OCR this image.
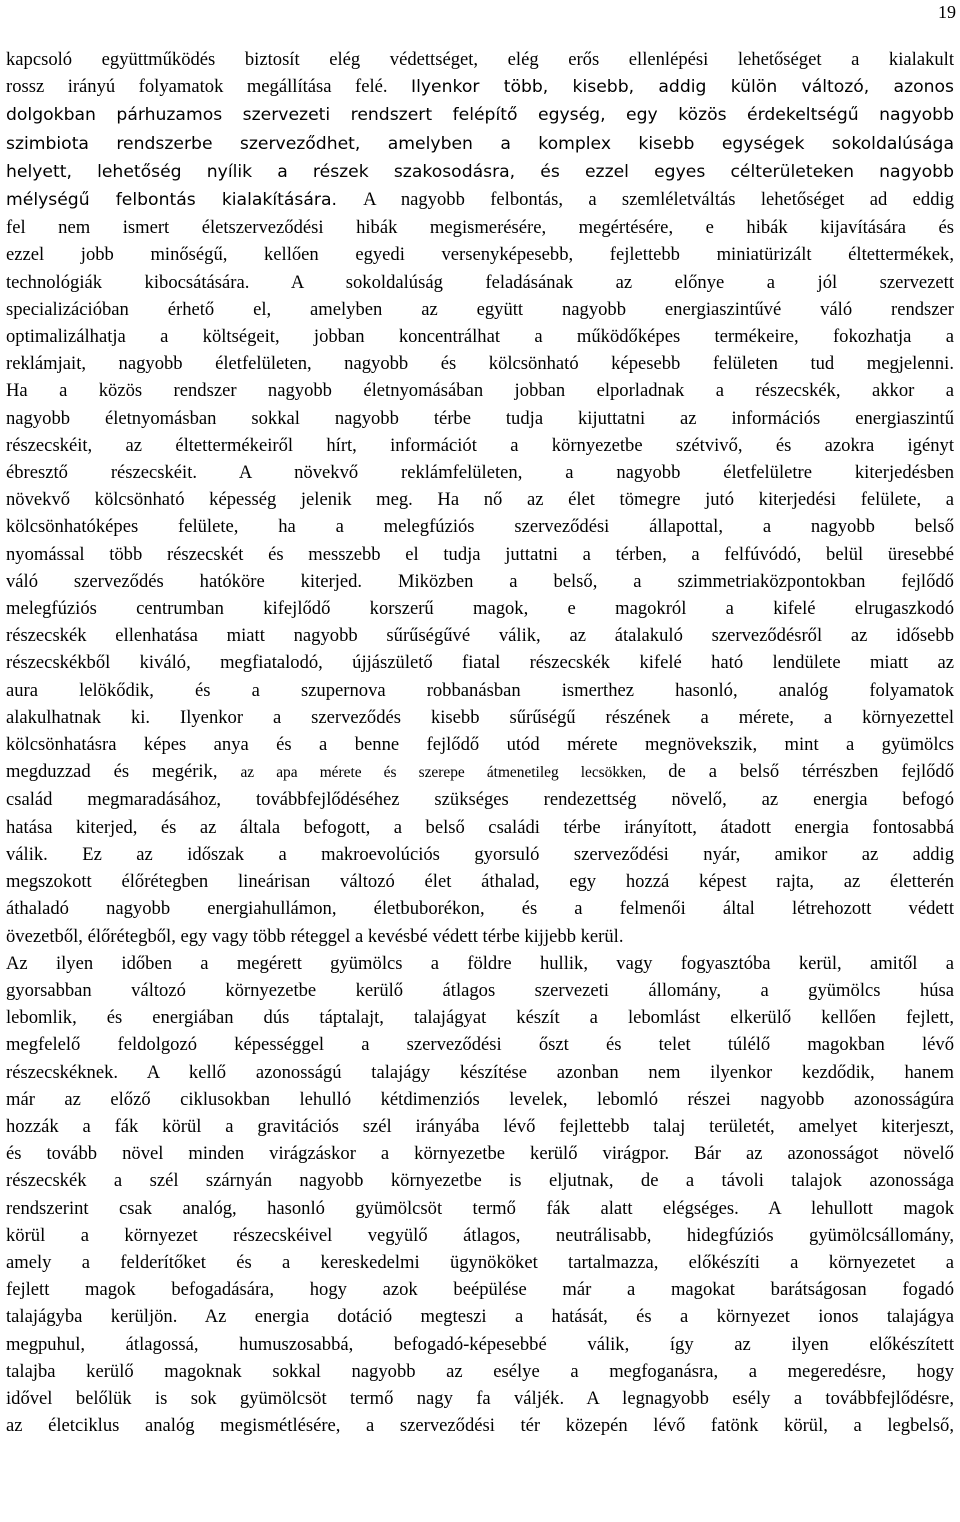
19
kapcsoló együttműködés biztosít elég védettséget, elég erős ellenlépési lehetőséget a kialakult
rossz irányú folyamatok megállítása felé. Ilyenkor több, kisebb, addig külön változó, azonos
dolgokban párhuzamos szervezeti rendszert felépítő egység, egy közös érdekeltségű nagyobb
szimbiota rendszerbe szerveződhet, amelyben a komplex kisebb egységek sokoldalúsága
helyett, lehetőség nyílik a részek szakosodásra, és ezzel egyes célterületeken nagyobb
mélységű felbontás kialakítására. A nagyobb felbontás, a szemléletváltás lehetőséget ad eddig
fel nem ismert életszerveződési hibák megismerésére, megértésére, e hibák kijavítására és
ezzel jobb minőségű, kellően egyedi versenyképesebb, fejlettebb miniatürizált éltettermékek,
technológiák kibocsátására. A sokoldalúság feladásának az előnye a jól szervezett
specializációban érhető el, amelyben az együtt nagyobb energiaszintűvé váló rendszer
optimalizálhatja a költségeit, jobban koncentrálhat a működőképes termékeire, fokozhatja a
reklámjait, nagyobb életfelületen, nagyobb és kölcsönható képesebb felületen tud megjelenni.
Ha a közös rendszer nagyobb életnyomásában jobban elporladnak a részecskék, akkor a
nagyobb életnyomásban sokkal nagyobb térbe tudja kijuttatni az információs energiaszintű
részecskéit, az éltettermékeiről hírt, információt a környezetbe szétvivő, és azokra igényt
ébresztő részecskéit. A növekvő reklámfelületen, a nagyobb életfelületre kiterjedésben
növekvő kölcsönható képesség jelenik meg. Ha nő az élet tömegre jutó kiterjedési felülete, a
kölcsönhatóképes felülete, ha a melegfúziós szerveződési állapottal, a nagyobb belső
nyomással több részecskét és messzebb el tudja juttatni a térben, a felfúvódó, belül üresebbé
váló szerveződés hatóköre kiterjed. Miközben a belső, a szimmetriaközpontokban fejlődő
melegfúziós centrumban kifejlődő korszerű magok, e magokról a kifelé elrugaszkodó
részecskék ellenhatása miatt nagyobb sűrűségűvé válik, az átalakuló szerveződésről az idősebb
részecskékből kiváló, megfiatalodó, újjászülető fiatal részecskék kifelé ható lendülete miatt az
aura lelökődik, és a szupernova robbanásban ismerthez hasonló, analóg folyamatok
alakulhatnak ki. Ilyenkor a szerveződés kisebb sűrűségű részének a mérete, a környezettel
kölcsönhatásra képes anya és a benne fejlődő utód mérete megnövekszik, mint a gyümölcs
megduzzad és megérik, az apa mérete és szerepe átmenetileg lecsökken, de a belső térrészben fejlődő
család megmaradásához, továbbfejlődéséhez szükséges rendezettség növelő, az energia befogó
hatása kiterjed, és az általa befogott, a belső családi térbe irányított, átadott energia fontosabbá
válik. Ez az időszak a makroevolúciós gyorsuló szerveződési nyár, amikor az addig
megszokott élőrétegben lineárisan változó élet áthalad, egy hozzá képest rajta, az életterén
áthaladó nagyobb energiahullámon, életbuborékon, és a felmenői által létrehozott védett
övezetből, élőrétegből, egy vagy több réteggel a kevésbé védett térbe kijjebb kerül.
Az ilyen időben a megérett gyümölcs a földre hullik, vagy fogyasztóba kerül, amitől a
gyorsabban változó környezetbe kerülő átlagos szervezeti állomány, a gyümölcs húsa
lebomlik, és energiában dús táptalajt, talajágyat készít a lebomlást elkerülő kellően fejlett,
megfelelő feldolgozó képességgel a szerveződési őszt és telet túlélő magokban lévő
részecskéknek. A kellő azonosságú talajágy készítése azonban nem ilyenkor kezdődik, hanem
már az előző ciklusokban lehulló kétdimenziós levelek, lebomló részei nagyobb azonosságúra
hozzák a fák körül a gravitációs szél irányába lévő fejlettebb talaj területét, amelyet kiterjeszt,
és tovább növel minden virágzáskor a környezetbe kerülő virágpor. Bár az azonosságot növelő
részecskék a szél szárnyán nagyobb környezetbe is eljutnak, de a távoli talajok azonossága
rendszerint csak analóg, hasonló gyümölcsöt termő fák alatt elégséges. A lehullott magok
körül a környezet részecskéivel vegyülő átlagos, neutrálisabb, hidegfúziós gyümölcsállomány,
amely a felderítőket és a kereskedelmi ügynököket tartalmazza, előkészíti a környezetet a
fejlett magok befogadására, hogy azok beépülése már a magokat barátságosan fogadó
talajágyba kerüljön. Az energia dotáció megteszi a hatását, és a környezet ionos talajágya
megpuhul, átlagossá, humuszosabbá, befogadó-képesebbé válik, így az ilyen előkészített
talajba kerülő magoknak sokkal nagyobb az esélye a megfoganásra, a megeredésre, hogy
idővel belőlük is sok gyümölcsöt termő nagy fa váljék. A legnagyobb esély a továbbfejlődésre,
az életciklus analóg megismétlésére, a szerveződési tér közepén lévő fatönk körül, a legbelső,
